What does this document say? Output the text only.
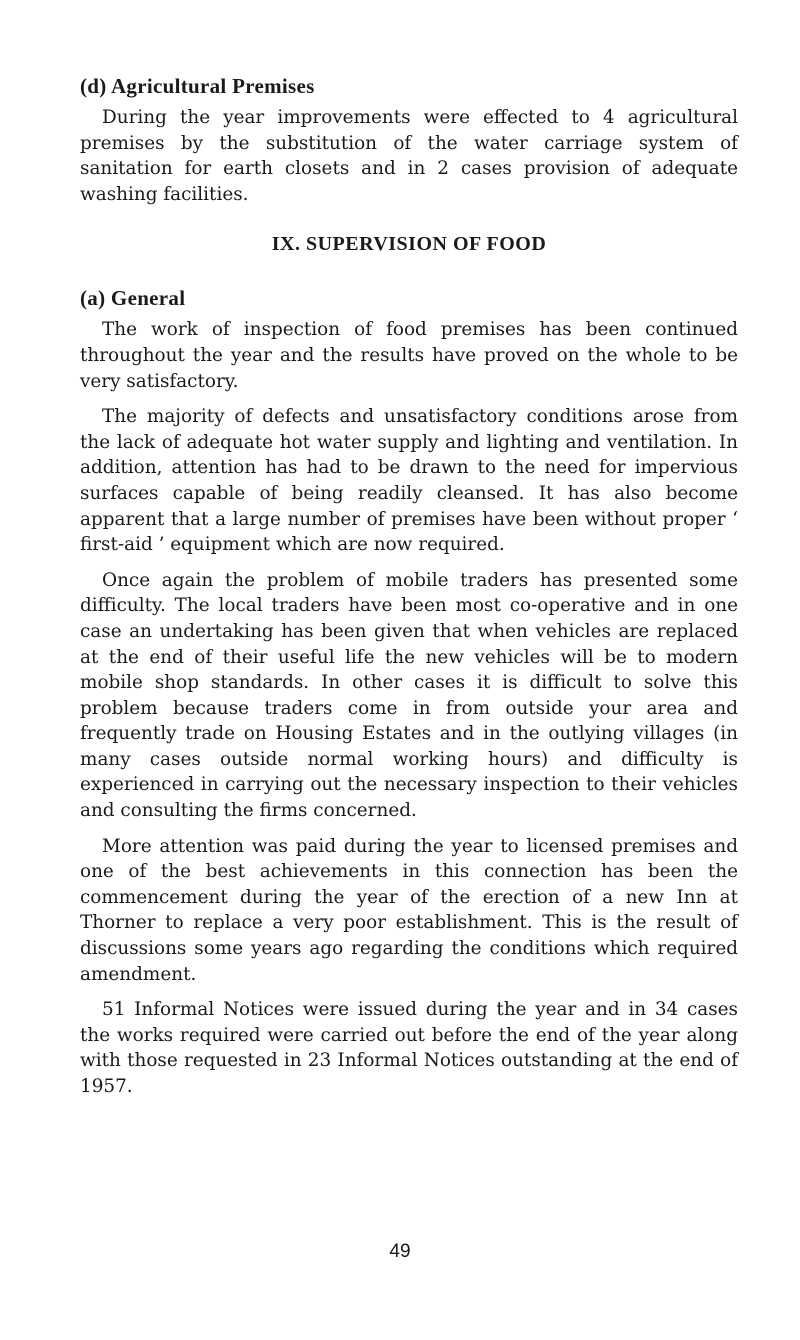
(d) Agricultural Premises

During the year improvements were effected to 4 agricultural premises by the substitution of the water carriage system of sanitation for earth closets and in 2 cases provision of adequate washing facilities.

IX. SUPERVISION OF FOOD
(a) General

The work of inspection of food premises has been continued throughout the year and the results have proved on the whole to be very satisfactory.

The majority of defects and unsatisfactory conditions arose from the lack of adequate hot water supply and lighting and ventilation. In addition, attention has had to be drawn to the need for impervious surfaces capable of being readily cleansed. It has also become apparent that a large number of premises have been without proper ‘ first-aid ’ equipment which are now required.

Once again the problem of mobile traders has presented some difficulty. The local traders have been most co-operative and in one case an undertaking has been given that when vehicles are replaced at the end of their useful life the new vehicles will be to modern mobile shop standards. In other cases it is difficult to solve this problem because traders come in from outside your area and frequently trade on Housing Estates and in the outlying villages (in many cases outside normal working hours) and difficulty is experienced in carrying out the necessary inspection to their vehicles and consulting the firms concerned.

More attention was paid during the year to licensed premises and one of the best achievements in this connection has been the commencement during the year of the erection of a new Inn at Thorner to replace a very poor establishment. This is the result of discussions some years ago regarding the conditions which required amendment.

51 Informal Notices were issued during the year and in 34 cases the works required were carried out before the end of the year along with those requested in 23 Informal Notices outstanding at the end of 1957.

49
